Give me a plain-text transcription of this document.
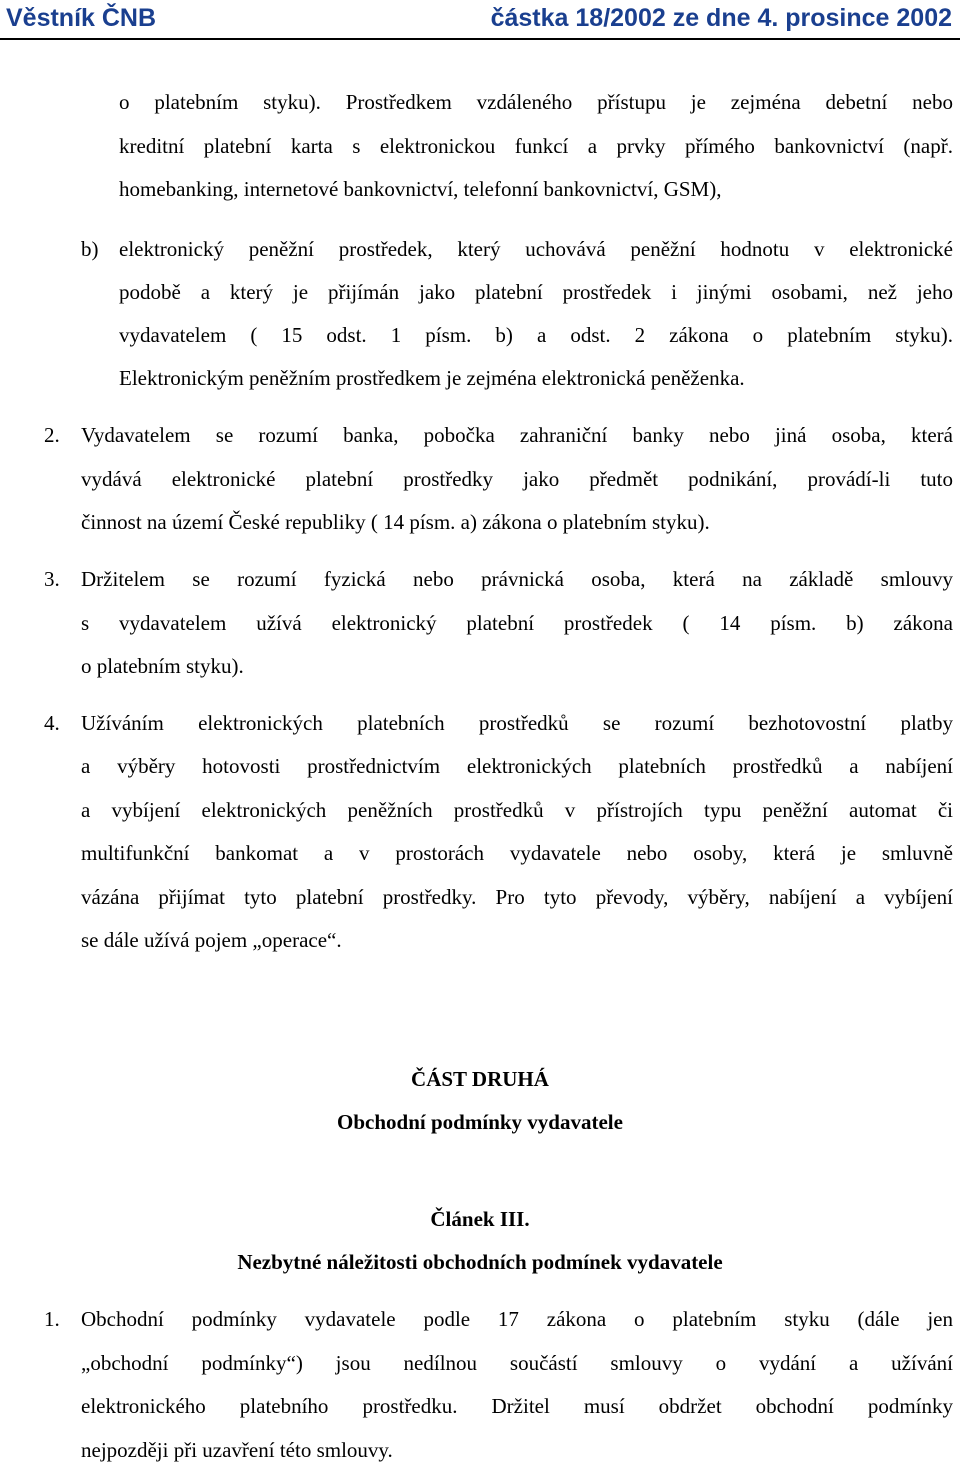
Věstník ČNB	částka 18/2002 ze dne 4. prosince 2002
o platebním styku). Prostředkem vzdáleného přístupu je zejména debetní nebo
kreditní platební karta s elektronickou funkcí a prvky přímého bankovnictví (např.
homebanking, internetové bankovnictví, telefonní bankovnictví, GSM),
b) elektronický peněžní prostředek, který uchovává peněžní hodnotu v elektronické
podobě a který je přijímán jako platební prostředek i jinými osobami, než jeho
vydavatelem ( 15 odst. 1 písm. b) a odst. 2 zákona o platebním styku).
Elektronickým peněžním prostředkem je zejména elektronická peněženka.
2. Vydavatelem se rozumí banka, pobočka zahraniční banky nebo jiná osoba, která
vydává elektronické platební prostředky jako předmět podnikání, provádí-li tuto
činnost na území České republiky ( 14 písm. a) zákona o platebním styku).
3. Držitelem se rozumí fyzická nebo právnická osoba, která na základě smlouvy
s vydavatelem užívá elektronický platební prostředek ( 14 písm. b) zákona
o platebním styku).
4. Užíváním elektronických platebních prostředků se rozumí bezhotovostní platby
a výběry hotovosti prostřednictvím elektronických platebních prostředků a nabíjení
a vybíjení elektronických peněžních prostředků v přístrojích typu peněžní automat či
multifunkční bankomat a v prostorách vydavatele nebo osoby, která je smluvně
vázána přijímat tyto platební prostředky. Pro tyto převody, výběry, nabíjení a vybíjení
se dále užívá pojem „operace“.
ČÁST DRUHÁ
Obchodní podmínky vydavatele
Článek III.
Nezbytné náležitosti obchodních podmínek vydavatele
1. Obchodní podmínky vydavatele podle 17 zákona o platebním styku (dále jen
„obchodní podmínky“) jsou nedílnou součástí smlouvy o vydání a užívání
elektronického platebního prostředku. Držitel musí obdržet obchodní podmínky
nejpozději při uzavření této smlouvy.
